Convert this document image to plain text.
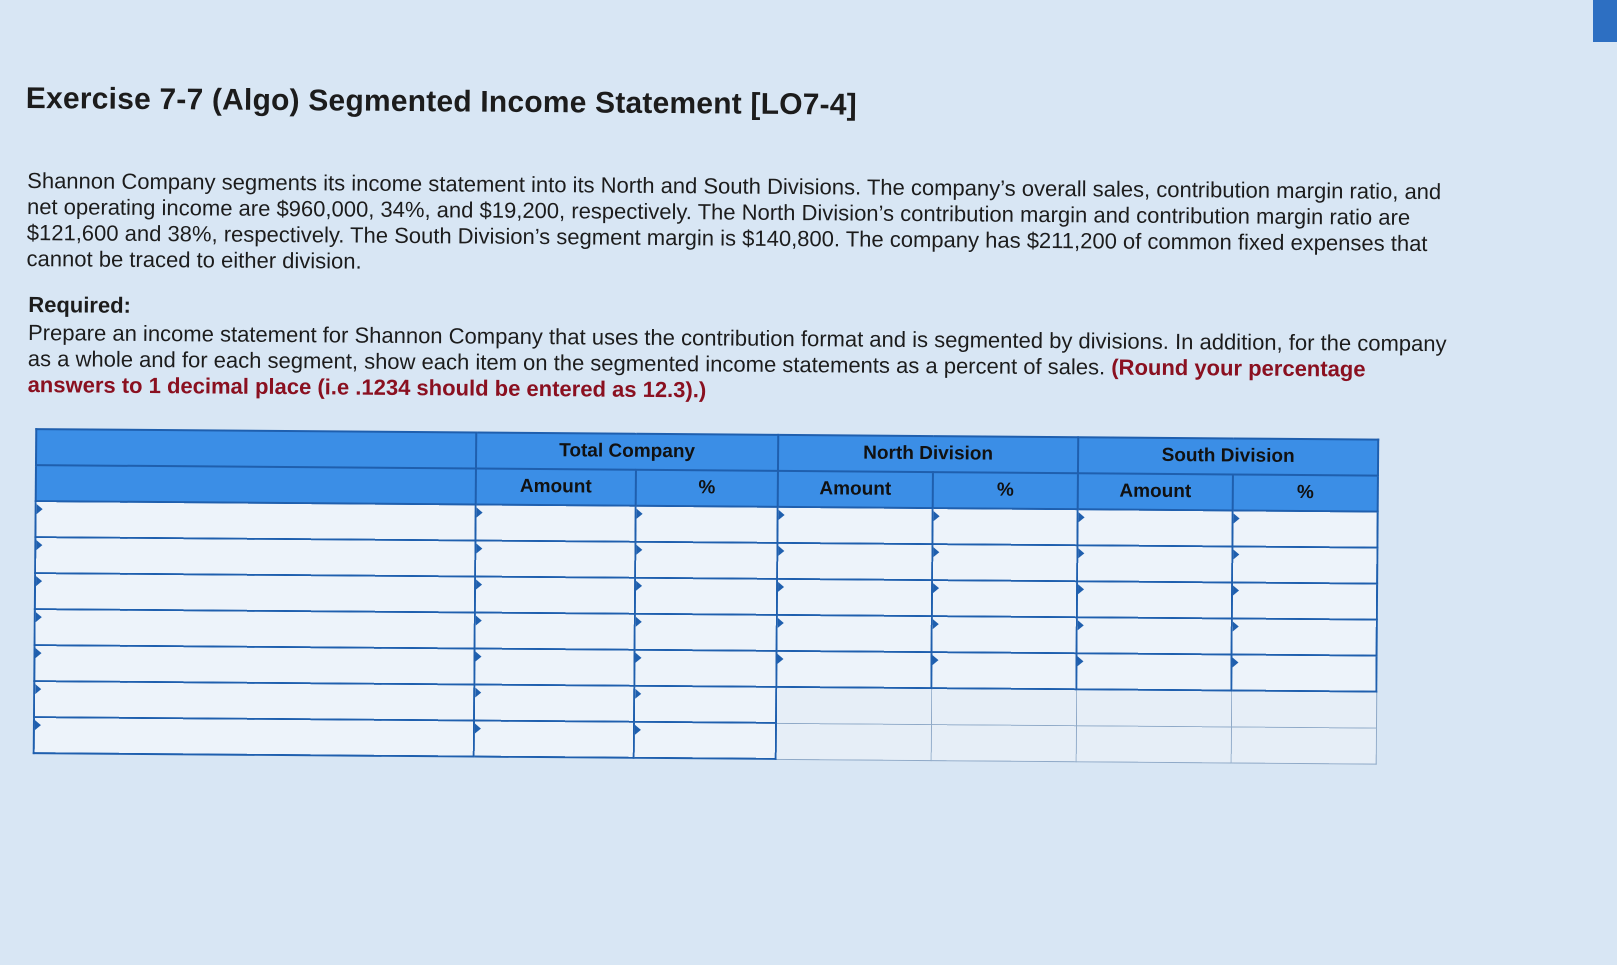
Exercise 7-7 (Algo) Segmented Income Statement [LO7-4]

Shannon Company segments its income statement into its North and South Divisions. The company’s overall sales, contribution margin ratio, and net operating income are $960,000, 34%, and $19,200, respectively. The North Division’s contribution margin and contribution margin ratio are $121,600 and 38%, respectively. The South Division’s segment margin is $140,800. The company has $211,200 of common fixed expenses that cannot be traced to either division.

Required:

Prepare an income statement for Shannon Company that uses the contribution format and is segmented by divisions. In addition, for the company as a whole and for each segment, show each item on the segmented income statements as a percent of sales. (Round your percentage answers to 1 decimal place (i.e .1234 should be entered as 12.3).)

	Total Company		North Division		South Division	
	Amount	%	Amount	%	Amount	%
